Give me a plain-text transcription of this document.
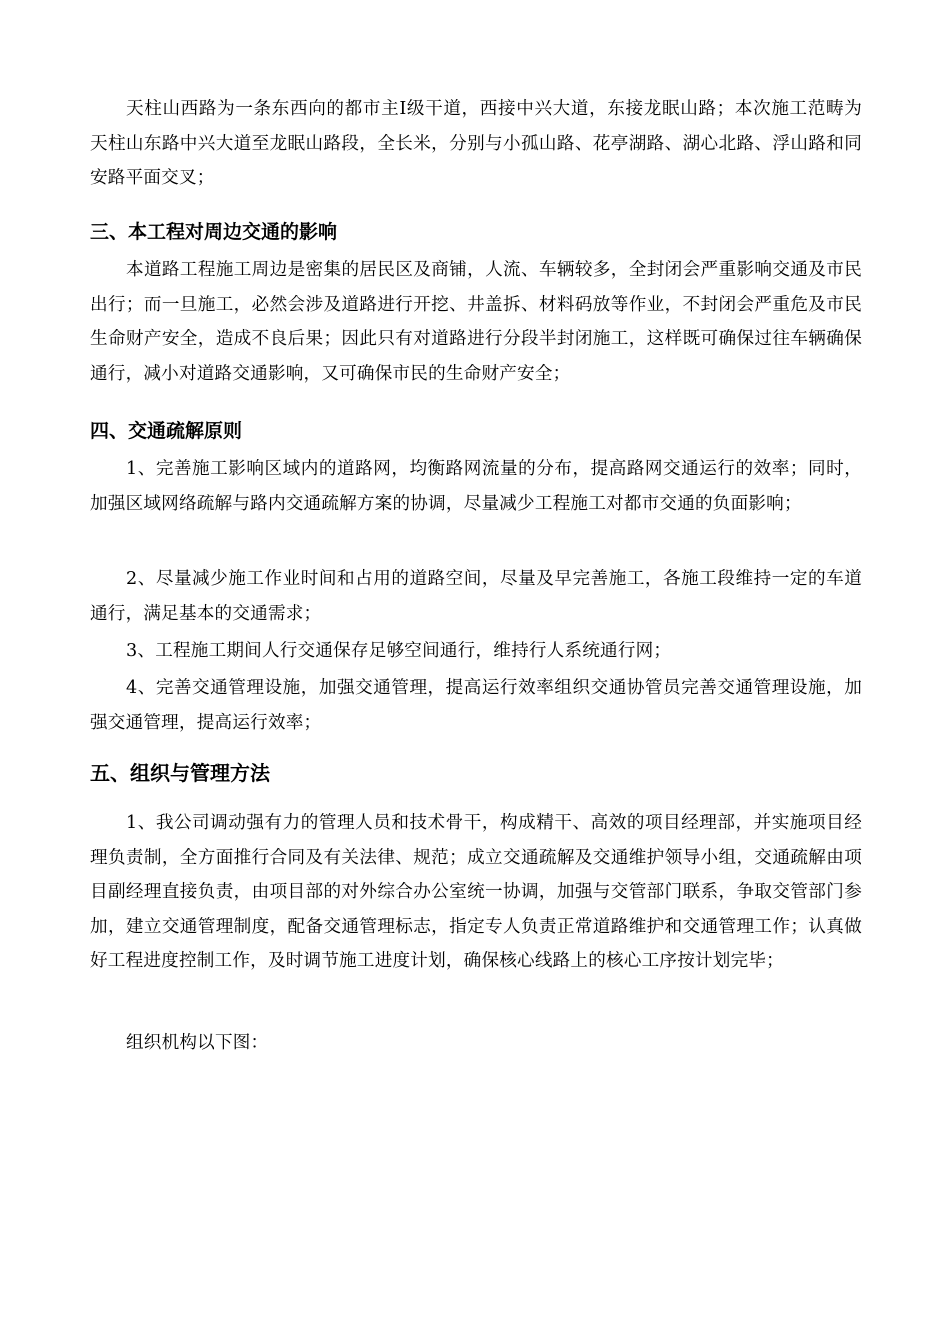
天柱山西路为一条东西向的都市主Ⅰ级干道，西接中兴大道，东接龙眠山路；本次施工范畴为天柱山东路中兴大道至龙眠山路段，全长米，分别与小孤山路、花亭湖路、湖心北路、浮山路和同安路平面交叉；

三、本工程对周边交通的影响

本道路工程施工周边是密集的居民区及商铺，人流、车辆较多，全封闭会严重影响交通及市民出行；而一旦施工，必然会涉及道路进行开挖、井盖拆、材料码放等作业，不封闭会严重危及市民生命财产安全，造成不良后果；因此只有对道路进行分段半封闭施工，这样既可确保过往车辆确保通行，减小对道路交通影响，又可确保市民的生命财产安全；

四、交通疏解原则

1、完善施工影响区域内的道路网，均衡路网流量的分布，提高路网交通运行的效率；同时，加强区域网络疏解与路内交通疏解方案的协调，尽量减少工程施工对都市交通的负面影响；

2、尽量减少施工作业时间和占用的道路空间，尽量及早完善施工，各施工段维持一定的车道通行，满足基本的交通需求；

3、工程施工期间人行交通保存足够空间通行，维持行人系统通行网；

4、完善交通管理设施，加强交通管理，提高运行效率组织交通协管员完善交通管理设施，加强交通管理，提高运行效率；

五、组织与管理方法

1、我公司调动强有力的管理人员和技术骨干，构成精干、高效的项目经理部，并实施项目经理负责制，全方面推行合同及有关法律、规范；成立交通疏解及交通维护领导小组，交通疏解由项目副经理直接负责，由项目部的对外综合办公室统一协调，加强与交管部门联系，争取交管部门参加，建立交通管理制度，配备交通管理标志，指定专人负责正常道路维护和交通管理工作；认真做好工程进度控制工作，及时调节施工进度计划，确保核心线路上的核心工序按计划完毕；

组织机构以下图：
